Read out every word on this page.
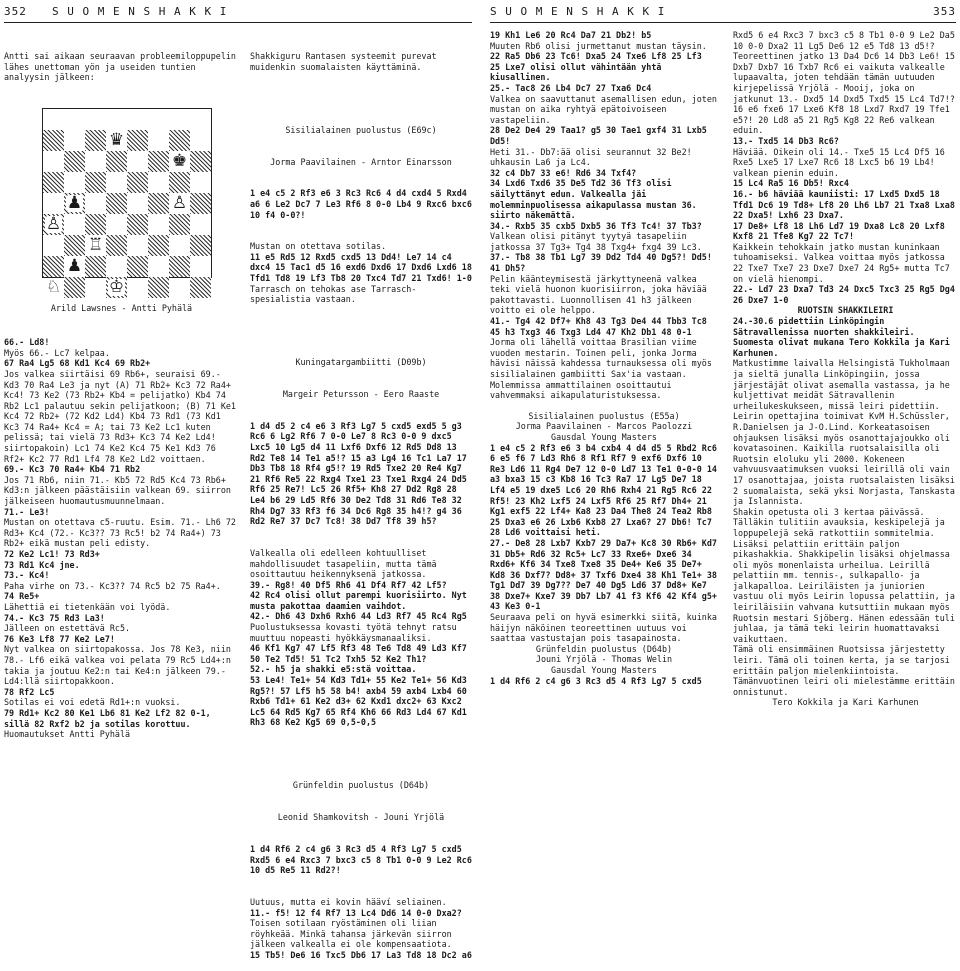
352 S U O M E N S H A K K I	S U O M E N S H A K K I	353

Antti sai aikaan seuraavan probleemiloppupelin lähes unettoman yön ja useiden tuntien analyysin jälkeen:

♛
♚
♟	♙
♙
♖
♟
♘	♔

Arild Lawsnes - Antti Pyhälä

66.- Ld8!

Myös 66.- Lc7 kelpaa.

67 Ra4 Lg5 68 Kd1 Kc4 69 Rb2+

Jos valkea siirtäisi 69 Rb6+, seuraisi 69.- Kd3 70 Ra4 Le3 ja nyt (A) 71 Rb2+ Kc3 72 Ra4+ Kc4! 73 Ke2 (73 Rb2+ Kb4 = pelijatko) Kb4 74 Rb2 Lc1 palautuu sekin pelijatkoon; (B) 71 Ke1 Kc4 72 Rb2+ (72 Kd2 Ld4) Kb4 73 Rd1 (73 Kd1 Kc3 74 Ra4+ Kc4 = A; tai 73 Ke2 Lc1 kuten pelissä; tai vielä 73 Rd3+ Kc3 74 Ke2 Ld4! siirtopakoin) Lc1 74 Ke2 Kc4 75 Ke1 Kd3 76 Rf2+ Kc2 77 Rd1 Lf4 78 Ke2 Ld2 voittaen.

69.- Kc3 70 Ra4+ Kb4 71 Rb2

Jos 71 Rb6, niin 71.- Kb5 72 Rd5 Kc4 73 Rb6+ Kd3:n jälkeen päästäisiin valkean 69. siirron jälkeiseen huomautusmuunnelmaan.

71.- Le3!

Mustan on otettava c5-ruutu. Esim. 71.- Lh6 72 Rd3+ Kc4 (72.- Kc3?? 73 Rc5! b2 74 Ra4+) 73 Rb2+ eikä mustan peli edisty.

72 Ke2 Lc1! 73 Rd3+

73 Rd1 Kc4 jne.

73.- Kc4!

Paha virhe on 73.- Kc3?? 74 Rc5 b2 75 Ra4+.

74 Re5+

Lähettiä ei tietenkään voi lyödä.

74.- Kc3 75 Rd3 La3!

Jälleen on estettävä Rc5.

76 Ke3 Lf8 77 Ke2 Le7!

Nyt valkea on siirtopakossa. Jos 78 Ke3, niin 78.- Lf6 eikä valkea voi pelata 79 Rc5 Ld4+:n takia ja joutuu Ke2:n tai Ke4:n jälkeen 79.- Ld4:llä siirtopakkoon.

78 Rf2 Lc5

Sotilas ei voi edetä Rd1+:n vuoksi.

79 Rd1+ Kc2 80 Ke1 Lb6 81 Ke2 Lf2 82 0-1, sillä 82 Rxf2 b2 ja sotilas korottuu.

Huomautukset Antti Pyhälä

Shakkiguru Rantasen systeemit purevat muidenkin suomalaisten käyttäminä.

Sisilialainen puolustus (E69c)

Jorma Paavilainen - Arntor Einarsson

1 e4 c5 2 Rf3 e6 3 Rc3 Rc6 4 d4 cxd4 5 Rxd4 a6 6 Le2 Dc7 7 Le3 Rf6 8 0-0 Lb4 9 Rxc6 bxc6 10 f4 0-0?!

Mustan on otettava sotilas.

11 e5 Rd5 12 Rxd5 cxd5 13 Dd4! Le7 14 c4 dxc4 15 Tac1 d5 16 exd6 Dxd6 17 Dxd6 Lxd6 18 Tfd1 Td8 19 Lf3 Tb8 20 Txc4 Td7 21 Txd6! 1-0

Tarrasch on tehokas ase Tarrasch-spesialistia vastaan.

Kuningatargambiitti (D09b)

Margeir Petursson - Eero Raaste

1 d4 d5 2 c4 e6 3 Rf3 Lg7 5 cxd5 exd5 5 g3 Rc6 6 Lg2 Rf6 7 0-0 Le7 8 Rc3 0-0 9 dxc5 Lxc5 10 Lg5 d4 11 Lxf6 Dxf6 12 Rd5 Dd8 13 Rd2 Te8 14 Te1 a5!? 15 a3 Lg4 16 Tc1 La7 17 Db3 Tb8 18 Rf4 g5!? 19 Rd5 Txe2 20 Re4 Kg7 21 Rf6 Re5 22 Rxg4 Txe1 23 Txe1 Rxg4 24 Dd5 Rf6 25 Re7! Lc5 26 Rf5+ Kh8 27 Dd2 Rg8 28 Le4 b6 29 Ld5 Rf6 30 De2 Td8 31 Rd6 Te8 32 Rh4 Dg7 33 Rf3 f6 34 Dc6 Rg8 35 h4!? g4 36 Rd2 Re7 37 Dc7 Tc8! 38 Dd7 Tf8 39 h5?

Valkealla oli edelleen kohtuulliset mahdollisuudet tasapeliin, mutta tämä osoittautuu heikennyksenä jatkossa.

39.- Rg8! 40 Df5 Rh6 41 Df4 Rf7 42 Lf5?

42 Rc4 olisi ollut parempi kuorisiirto. Nyt musta pakottaa daamien vaihdot.

42.- Dh6 43 Dxh6 Rxh6 44 Ld3 Rf7 45 Rc4 Rg5

Puolustuksessa kovasti työtä tehnyt ratsu muuttuu nopeasti hyökkäysmanaaliksi.

46 Kf1 Kg7 47 Lf5 Rf3 48 Te6 Td8 49 Ld3 Kf7 50 Te2 Td5! 51 Tc2 Txh5 52 Ke2 Th1?

52.- h5 ja shakki e5:stä voittaa.

53 Le4! Te1+ 54 Kd3 Td1+ 55 Ke2 Te1+ 56 Kd3 Rg5?! 57 Lf5 h5 58 b4! axb4 59 axb4 Lxb4 60 Rxb6 Td1+ 61 Ke2 d3+ 62 Kxd1 dxc2+ 63 Kxc2 Lc5 64 Rd5 Kg7 65 Rf4 Kh6 66 Rd3 Ld4 67 Kd1 Rh3 68 Ke2 Kg5 69 0,5-0,5

Grünfeldin puolustus (D64b)

Leonid Shamkovitsh - Jouni Yrjölä

1 d4 Rf6 2 c4 g6 3 Rc3 d5 4 Rf3 Lg7 5 cxd5 Rxd5 6 e4 Rxc3 7 bxc3 c5 8 Tb1 0-0 9 Le2 Rc6 10 d5 Re5 11 Rd2?!

Uutuus, mutta ei kovin hääví seliainen.

11.- f5! 12 f4 Rf7 13 Lc4 Dd6 14 0-0 Dxa2?

Toisen sotilaan ryöstäminen oli liian röyhkeää. Minkä tahansa järkevän siirron jälkeen valkealla ei ole kompensaatiota.

15 Tb5! De6 16 Txc5 Db6 17 La3 Td8 18 Dc2 a6

19 Kh1 Le6 20 Rc4 Da7 21 Db2! b5

Muuten Rb6 olisi jurmettanut mustan täysin.

22 Ra5 Db6 23 Tc6! Dxa5 24 Txe6 Lf8 25 Lf3

25 Lxe7 olisi ollut vähintään yhtä kiusallinen.

25.- Tac8 26 Lb4 Dc7 27 Txa6 Dc4

Valkea on saavuttanut asemallisen edun, joten mustan on aika ryhtyä epätoivoiseen vastapeliin.

28 De2 De4 29 Taa1? g5 30 Tae1 gxf4 31 Lxb5 Dd5!

Heti 31.- Db7:ää olisi seurannut 32 Be2! uhkausin La6 ja Lc4.

32 c4 Db7 33 e6! Rd6 34 Txf4?

34 Lxd6 Txd6 35 De5 Td2 36 Tf3 olisi säilyttänyt edun. Valkealla jäi molemminpuolisessa aikapulassa mustan 36. siirto näkemättä.

34.- Rxb5 35 cxb5 Dxb5 36 Tf3 Tc4! 37 Tb3?

Valkean olisi pitänyt tyytyä tasapeliin jatkossa 37 Tg3+ Tg4 38 Txg4+ fxg4 39 Lc3.

37.- Tb8 38 Tb1 Lg7 39 Dd2 Td4 40 Dg5?! Dd5! 41 Dh5?

Pelin käänteymisestä järkyttyneenä valkea teki vielä huonon kuorisiirron, joka häviää pakottavasti. Luonnollisen 41 h3 jälkeen voitto ei ole helppo.

41.- Tg4 42 Df7+ Kh8 43 Tg3 De4 44 Tbb3 Tc8 45 h3 Txg3 46 Txg3 Ld4 47 Kh2 Db1 48 0-1

Jorma oli lähellä voittaa Brasilian viime vuoden mestarin. Toinen peli, jonka Jorma hävisi näissä kahdessa turnauksessa oli myös sisilialainen gambiitti Sax'ia vastaan. Molemmissa ammattilainen osoittautui vahvemmaksi aikapulaturistuksessa.

Sisilialainen puolustus (E55a)

Jorma Paavilainen - Marcos Paolozzi

Gausdal Young Masters

1 e4 c5 2 Rf3 e6 3 b4 cxb4 4 d4 d5 5 Rbd2 Rc6 6 e5 f6 7 Ld3 Rh6 8 Rf1 Rf7 9 exf6 Dxf6 10 Re3 Ld6 11 Rg4 De7 12 0-0 Ld7 13 Te1 0-0-0 14 a3 bxa3 15 c3 Kb8 16 Tc3 Ra7 17 Lg5 De7 18 Lf4 e5 19 dxe5 Lc6 20 Rh6 Rxh4 21 Rg5 Rc6 22 Rf5! 23 Kh2 Lxf5 24 Lxf5 Rf6 25 Rf7 Dh4+ 21 Kg1 exf5 22 Lf4+ Ka8 23 Da4 The8 24 Tea2 Rb8 25 Dxa3 e6 26 Lxb6 Kxb8 27 Lxa6? 27 Db6! Tc7 28 Ld6 voittaisi heti.

27.- De8 28 Lxb7 Kxb7 29 Da7+ Kc8 30 Rb6+ Kd7 31 Db5+ Rd6 32 Rc5+ Lc7 33 Rxe6+ Dxe6 34 Rxd6+ Kf6 34 Txe8 Txe8 35 De4+ Ke6 35 De7+ Kd8 36 Dxf7? Dd8+ 37 Txf6 Dxe4 38 Kh1 Te1+ 38 Tg1 Dd7 39 Dg7?? De7 40 Dg5 Ld6 37 Dd8+ Ke7 38 Dxe7+ Kxe7 39 Db7 Lb7 41 f3 Kf6 42 Kf4 g5+ 43 Ke3 0-1

Seuraava peli on hyvä esimerkki siitä, kuinka häijyn näköinen teoreettinen uutuus voi saattaa vastustajan pois tasapainosta.

Grünfeldin puolustus (D64b)

Jouni Yrjölä - Thomas Welin

Gausdal Young Masters

1 d4 Rf6 2 c4 g6 3 Rc3 d5 4 Rf3 Lg7 5 cxd5

Rxd5 6 e4 Rxc3 7 bxc3 c5 8 Tb1 0-0 9 Le2 Da5 10 0-0 Dxa2 11 Lg5 De6 12 e5 Td8 13 d5!?

Teoreettinen jatko 13 Da4 Dc6 14 Db3 Le6! 15 Dxb7 Dxb7 16 Txb7 Rc6 ei vaikuta valkealle lupaavalta, joten tehdään tämän uutuuden kirjepelissä Yrjölä - Mooij, joka on jatkunut 13.- Dxd5 14 Dxd5 Txd5 15 Lc4 Td7!? 16 e6 fxe6 17 Lxe6 Kf8 18 Lxd7 Rxd7 19 Tfe1 e5?! 20 Ld8 a5 21 Rg5 Kg8 22 Re6 valkean eduin.

13.- Txd5 14 Db3 Rc6?

Häviää. Oikein oli 14.- Txe5 15 Lc4 Df5 16 Rxe5 Lxe5 17 Lxe7 Rc6 18 Lxc5 b6 19 Lb4! valkean pienin eduin.

15 Lc4 Ra5 16 Db5! Rxc4

16.- b6 häviää kauniisti: 17 Lxd5 Dxd5 18 Tfd1 Dc6 19 Td8+ Lf8 20 Lh6 Lb7 21 Txa8 Lxa8 22 Dxa5! Lxh6 23 Dxa7.

17 De8+ Lf8 18 Lh6 Ld7 19 Dxa8 Lc8 20 Lxf8 Kxf8 21 Tfe8 Kg7 22 Tc7!

Kaikkein tehokkain jatko mustan kuninkaan tuhoamiseksi. Valkea voittaa myös jatkossa 22 Txe7 Txe7 23 Dxe7 Dxe7 24 Rg5+ mutta Tc7 on vielä hienompi.

22.- Ld7 23 Dxa7 Td3 24 Dxc5 Txc3 25 Rg5 Dg4 26 Dxe7 1-0

RUOTSIN SHAKKILEIRI

24.-30.6 pidettiin Linköpingin Sätravallenissa nuorten shakkileiri. Suomesta olivat mukana Tero Kokkila ja Kari Karhunen.

Matkustimme laivalla Helsingistä Tukholmaan ja sieltä junalla Linköpingiin, jossa järjestäjät olivat asemalla vastassa, ja he kuljettivat meidät Sätravallenin urheilukeskukseen, missä leiri pidettiin.

Leirin opettajina toimivat KvM H.Schüssler, R.Danielsen ja J-O.Lind. Korkeatasoisen ohjauksen lisäksi myös osanottajajoukko oli kovatasoinen. Kaikilla ruotsalaisilla oli Ruotsin eloluku yli 2000. Kokeneen vahvuusvaatimuksen vuoksi leirillä oli vain 17 osanottajaa, joista ruotsalaisten lisäksi 2 suomalaista, sekä yksi Norjasta, Tanskasta ja Islannista.

Shakin opetusta oli 3 kertaa päivässä. Tälläkin tulitiin avauksia, keskipelejä ja loppupelejä sekä ratkottiin sommitelmia. Lisäksi pelattiin erittäin paljon pikashakkia. Shakkipelin lisäksi ohjelmassa oli myös monenlaista urheilua. Leirillä pelattiin mm. tennis-, sulkapallo- ja jalkapalloa. Leiriläisten ja juniorien vastuu oli myös Leirin lopussa pelattiin, ja leiriläisiin vahvana kutsuttiin mukaan myös Ruotsin mestari Sjöberg. Hänen edessään tuli juhlaa, ja tämä teki leirin huomattavaksi vaikuttaen.

Tämä oli ensimmäinen Ruotsissa järjestetty leiri. Tämä oli toinen kerta, ja se tarjosi erittäin paljon mielenkiintoista. Tämänvuotinen leiri oli mielestämme erittäin onnistunut.

Tero Kokkila ja Kari Karhunen
